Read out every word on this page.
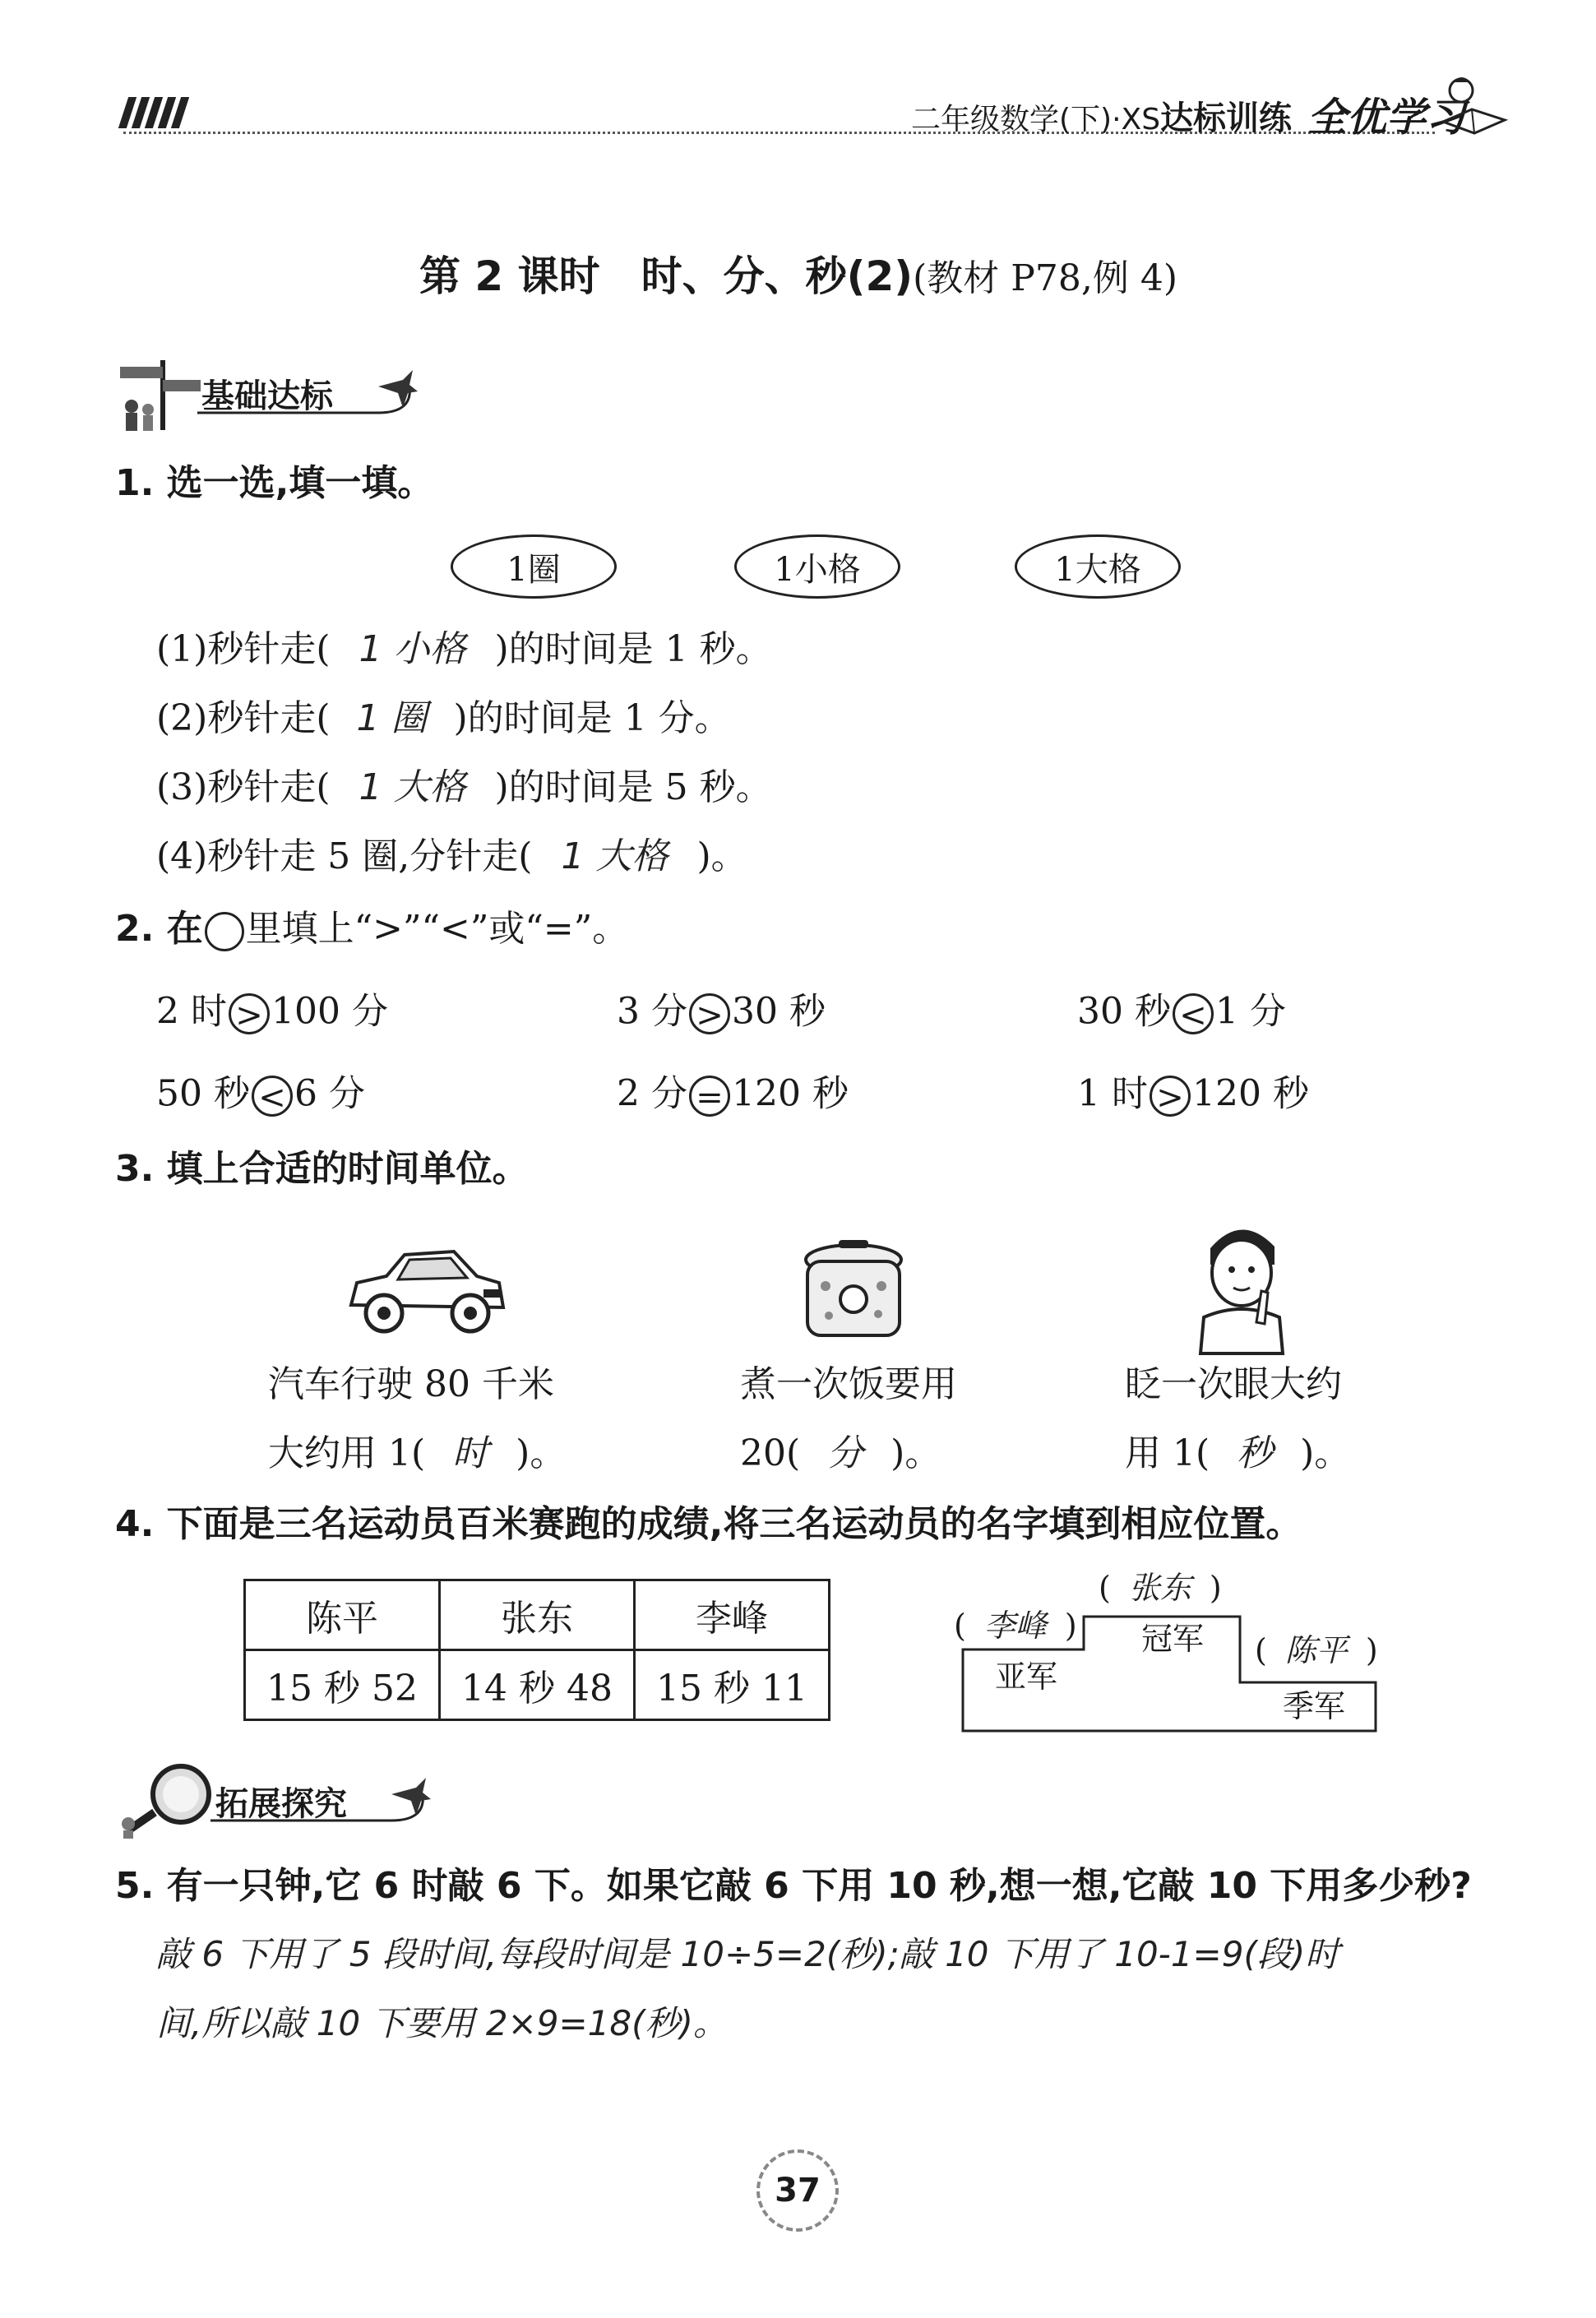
二年级数学(下)·XS达标训练 全优学习
第 2 课时　时、分、秒(2)(教材 P78,例 4)
基础达标
1. 选一选,填一填。
1圈	1小格	1大格
(1)秒针走( 1 小格 )的时间是 1 秒。
(2)秒针走( 1 圈 )的时间是 1 分。
(3)秒针走( 1 大格 )的时间是 5 秒。
(4)秒针走 5 圈,分针走( 1 大格 )。
2. 在 里填上“>”“<”或“=”。
2 时 > 100 分	3 分 > 30 秒	30 秒 < 1 分
50 秒 < 6 分	2 分 = 120 秒	1 时 > 120 秒
3. 填上合适的时间单位。
汽车行驶 80 千米
大约用 1( 时 )。
煮一次饭要用
20( 分 )。
眨一次眼大约
用 1( 秒 )。
4. 下面是三名运动员百米赛跑的成绩,将三名运动员的名字填到相应位置。
陈平	张东	李峰
15 秒 52	14 秒 48	15 秒 11
冠军
亚军
季军
( 张东 )
( 李峰 )
( 陈平 )
拓展探究
5. 有一只钟,它 6 时敲 6 下。如果它敲 6 下用 10 秒,想一想,它敲 10 下用多少秒?
敲 6 下用了 5 段时间,每段时间是 10÷5=2(秒);敲 10 下用了 10-1=9(段)时
间,所以敲 10 下要用 2×9=18(秒)。
37
